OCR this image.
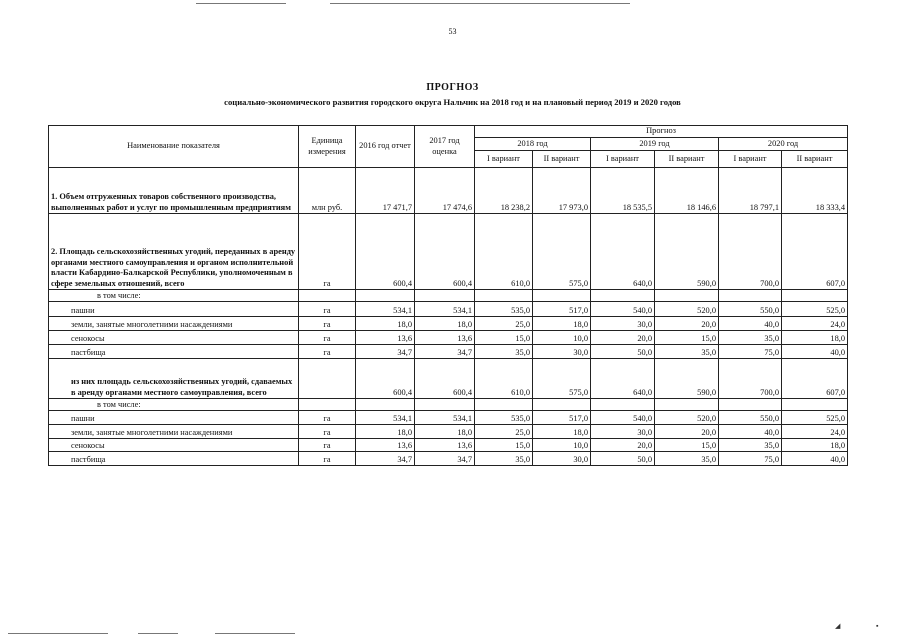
53
ПРОГНОЗ
социально-экономического развития городского округа Нальчик на 2018 год и на плановый период 2019 и 2020 годов
Наименование показателя	Единица измерения	2016 год отчет	2017 год оценка	Прогноз					
				2018 год		2019 год		2020 год	
				I вариант	II вариант	I вариант	II вариант	I вариант	II вариант
1. Объем отгруженных товаров собственного производства, выполненных работ и услуг по промышленным предприятиям	млн руб.	17 471,7	17 474,6	18 238,2	17 973,0	18 535,5	18 146,6	18 797,1	18 333,4
2. Площадь сельскохозяйственных угодий, переданных в аренду органами местного самоуправления и органом исполнительной власти Кабардино-Балкарской Республики, уполномоченным в сфере земельных отношений, всего	га	600,4	600,4	610,0	575,0	640,0	590,0	700,0	607,0
в том числе:									
пашни	га	534,1	534,1	535,0	517,0	540,0	520,0	550,0	525,0
земли, занятые многолетними насаждениями	га	18,0	18,0	25,0	18,0	30,0	20,0	40,0	24,0
сенокосы	га	13,6	13,6	15,0	10,0	20,0	15,0	35,0	18,0
пастбища	га	34,7	34,7	35,0	30,0	50,0	35,0	75,0	40,0
из них площадь сельскохозяйственных угодий, сдаваемых в аренду органами местного самоуправления, всего		600,4	600,4	610,0	575,0	640,0	590,0	700,0	607,0
в том числе:									
пашни	га	534,1	534,1	535,0	517,0	540,0	520,0	550,0	525,0
земли, занятые многолетними насаждениями	га	18,0	18,0	25,0	18,0	30,0	20,0	40,0	24,0
сенокосы	га	13,6	13,6	15,0	10,0	20,0	15,0	35,0	18,0
пастбища	га	34,7	34,7	35,0	30,0	50,0	35,0	75,0	40,0
◢	▪
